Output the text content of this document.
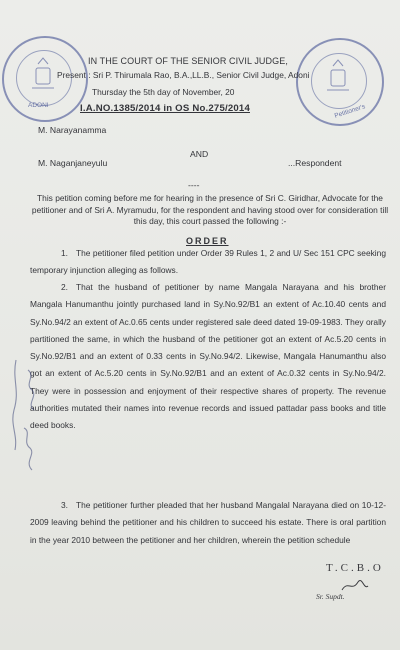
ADONI	Petitioner's
IN THE COURT OF THE SENIOR CIVIL JUDGE,
Present : Sri P. Thirumala Rao, B.A.,LL.B., Senior Civil Judge, Adoni
Thursday the 5th day of November, 20
I.A.NO.1385/2014 in OS No.275/2014
M. Narayanamma
AND
M. Naganjaneyulu	...Respondent
----
This petition coming before me for hearing in the presence of Sri C. Giridhar, Advocate for the petitioner and of Sri A. Myramudu, for the respondent and having stood over for consideration till this day, this court passed the following :-
ORDER
1. The petitioner filed petition under Order 39 Rules 1, 2 and U/ Sec 151 CPC seeking temporary injunction alleging as follows.
2. That the husband of petitioner by name Mangala Narayana and his brother Mangala Hanumanthu jointly purchased land in Sy.No.92/B1 an extent of Ac.10.40 cents and Sy.No.94/2 an extent of Ac.0.65 cents under registered sale deed dated 19-09-1983. They orally partitioned the same, in which the husband of the petitioner got an extent of Ac.5.20 cents in Sy.No.92/B1 and an extent of 0.33 cents in Sy.No.94/2. Likewise, Mangala Hanumanthu also got an extent of Ac.5.20 cents in Sy.No.92/B1 and an extent of Ac.0.32 cents in Sy.No.94/2. They were in possession and enjoyment of their respective shares of property. The revenue authorities mutated their names into revenue records and issued pattadar pass books and title deed books.
3. The petitioner further pleaded that her husband Mangalal Narayana died on 10-12-2009 leaving behind the petitioner and his children to succeed his estate. There is oral partition in the year 2010 between the petitioner and her children, wherein the petition schedule
T.C.B.O
Sr. Supdt.
